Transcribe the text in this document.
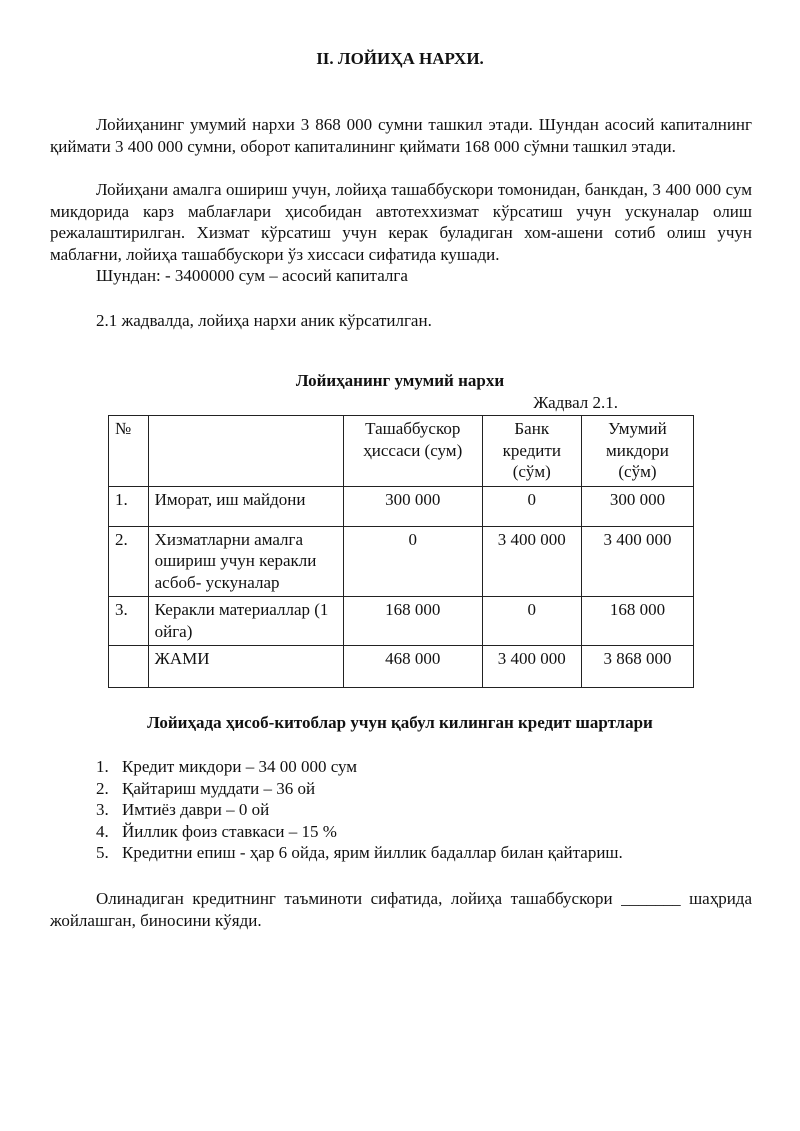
II. ЛОЙИҲА НАРХИ.
Лойиҳанинг умумий нархи 3 868 000 сумни ташкил этади. Шундан асосий капиталнинг қиймати 3 400 000 сумни, оборот капиталининг қиймати 168 000 сўмни ташкил этади.
Лойиҳани амалга ошириш учун, лойиҳа ташаббускори томонидан, банкдан, 3 400 000 сум микдорида карз маблағлари ҳисобидан автотеххизмат кўрсатиш учун ускуналар олиш режалаштирилган. Хизмат кўрсатиш учун керак буладиган хом-ашени сотиб олиш учун маблағни, лойиҳа ташаббускори ўз хиссаси сифатида кушади.
Шундан: - 3400000 сум – асосий капиталга
2.1 жадвалда, лойиҳа нархи аник кўрсатилган.
Лойиҳанинг умумий нархи
Жадвал 2.1.
№		Ташаббускор ҳиссаси (сум)	Банк кредити (сўм)	Умумий микдори (сўм)
1.	Иморат, иш майдони	300 000	0	300 000
2.	Хизматларни амалга ошириш учун керакли асбоб- ускуналар	0	3 400 000	3 400 000
3.	Керакли материаллар (1 ойга)	168 000	0	168 000
	ЖАМИ	468 000	3 400 000	3 868 000
Лойиҳада ҳисоб-китоблар учун қабул килинган кредит шартлари
1. Кредит микдори – 34 00 000 сум
2. Қайтариш муддати – 36 ой
3. Имтиёз даври – 0 ой
4. Йиллик фоиз ставкаси – 15 %
5. Кредитни епиш - ҳар 6 ойда, ярим йиллик бадаллар билан қайтариш.
Олинадиган кредитнинг таъминоти сифатида, лойиҳа ташаббускори _______ шаҳрида жойлашган, биносини кўяди.
